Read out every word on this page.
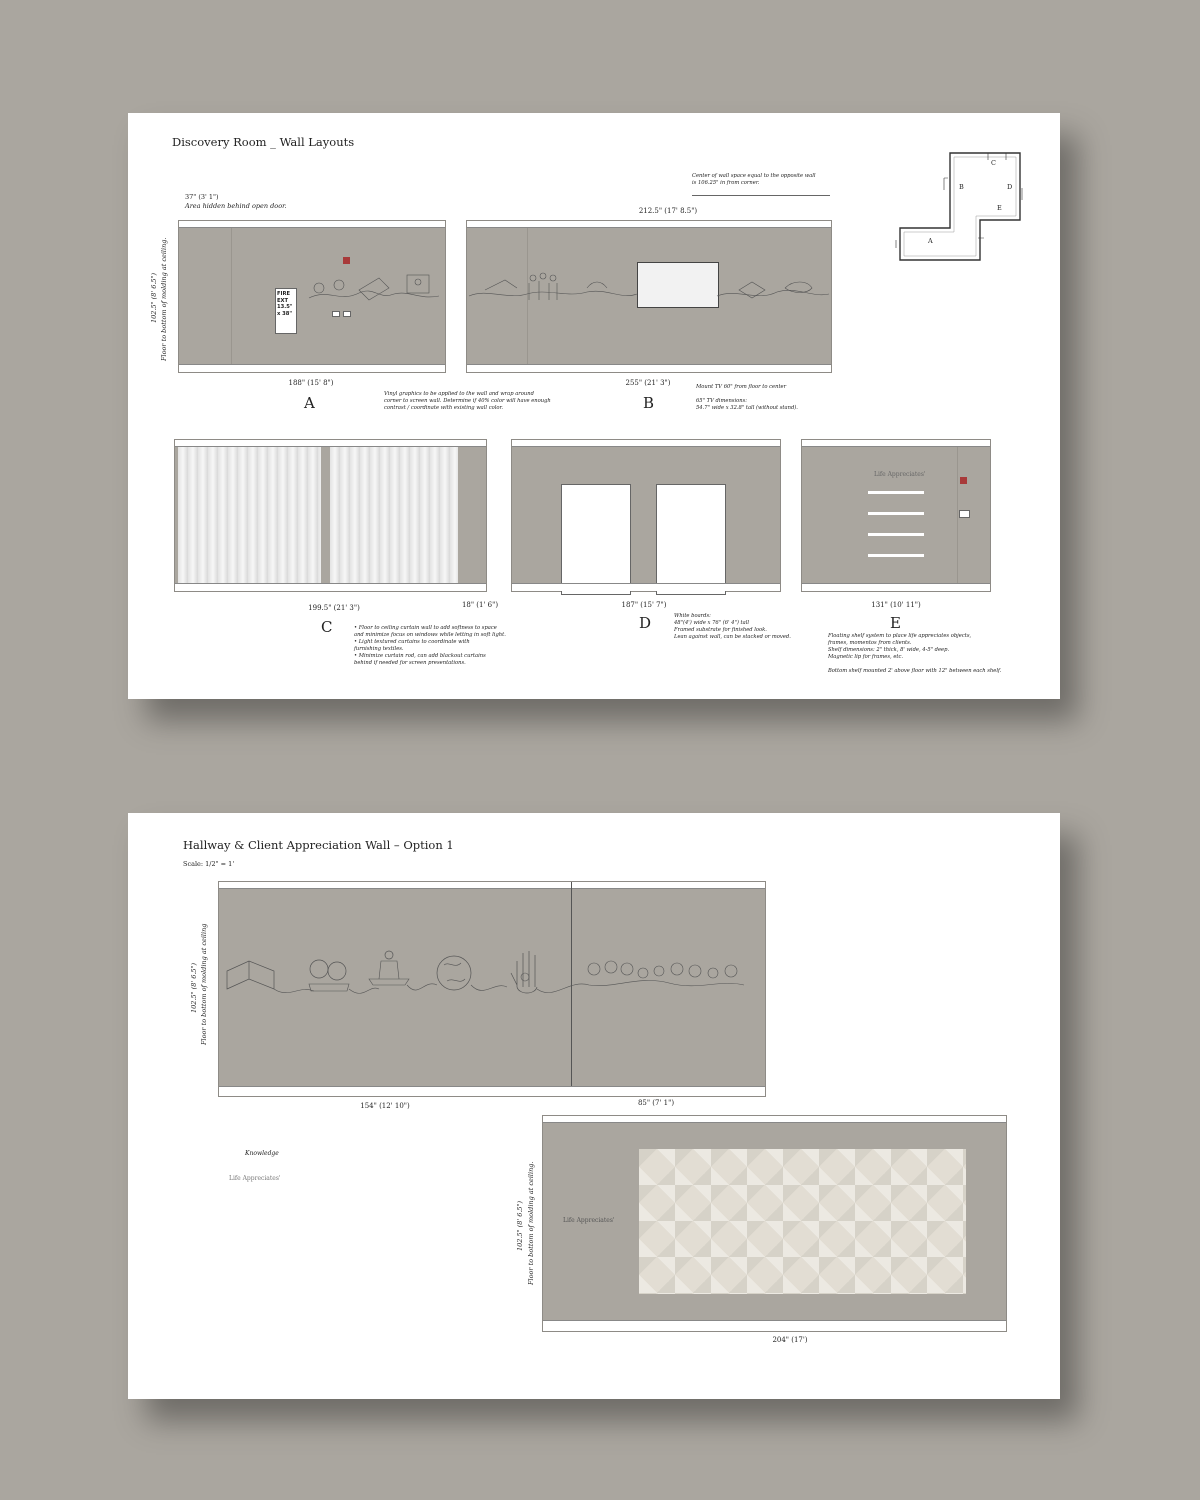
Discovery Room _ Wall Layouts
37" (3' 1")
Area hidden behind open door.
102.5" (8' 6.5") Floor to bottom of molding at ceiling.	FIRE
EXT
13.5"
x 38"
188" (15' 8")
A
Center of wall space equal to the opposite wall
is 106.25" in from corner.
212.5" (17' 8.5")
255" (21' 3")
B
Mount TV 60" from floor to center

65" TV dimensions:
54.7" wide x 32.8" tall (without stand).
Vinyl graphics to be applied to the wall and wrap around
corner to screen wall. Determine if 40% color will have enough
contrast / coordinate with existing wall color.
A
B
C
D
E
199.5" (21' 3")	18" (1' 6")
C	• Floor to ceiling curtain wall to add softness to space
and minimize focus on windows while letting in soft light.
• Light textured curtains to coordinate with
furnishing textiles.
• Minimize curtain rod, can add blackout curtains
behind if needed for screen presentations.
187" (15' 7")
D	White boards:
48"(4') wide x 76" (6' 4") tall
Framed substrate for finished look.
Lean against wall, can be stacked or moved.
Life Appreciates'
131" (10' 11")
E
Floating shelf system to place life appreciates objects,
frames, momentos from clients.
Shelf dimensions: 2" thick, 8' wide, 4-5" deep.
Magnetic lip for frames, etc.

Bottom shelf mounted 2' above floor with 12" between each shelf.
Hallway & Client Appreciation Wall – Option 1
Scale: 1/2" = 1'
102.5" (8' 6.5") Floor to bottom of molding at ceiling
154" (12' 10")	85" (7' 1")
Knowledge
Life Appreciates'
102.5" (8' 6.5") Floor to bottom of molding at ceiling.	Life Appreciates'
204" (17')
